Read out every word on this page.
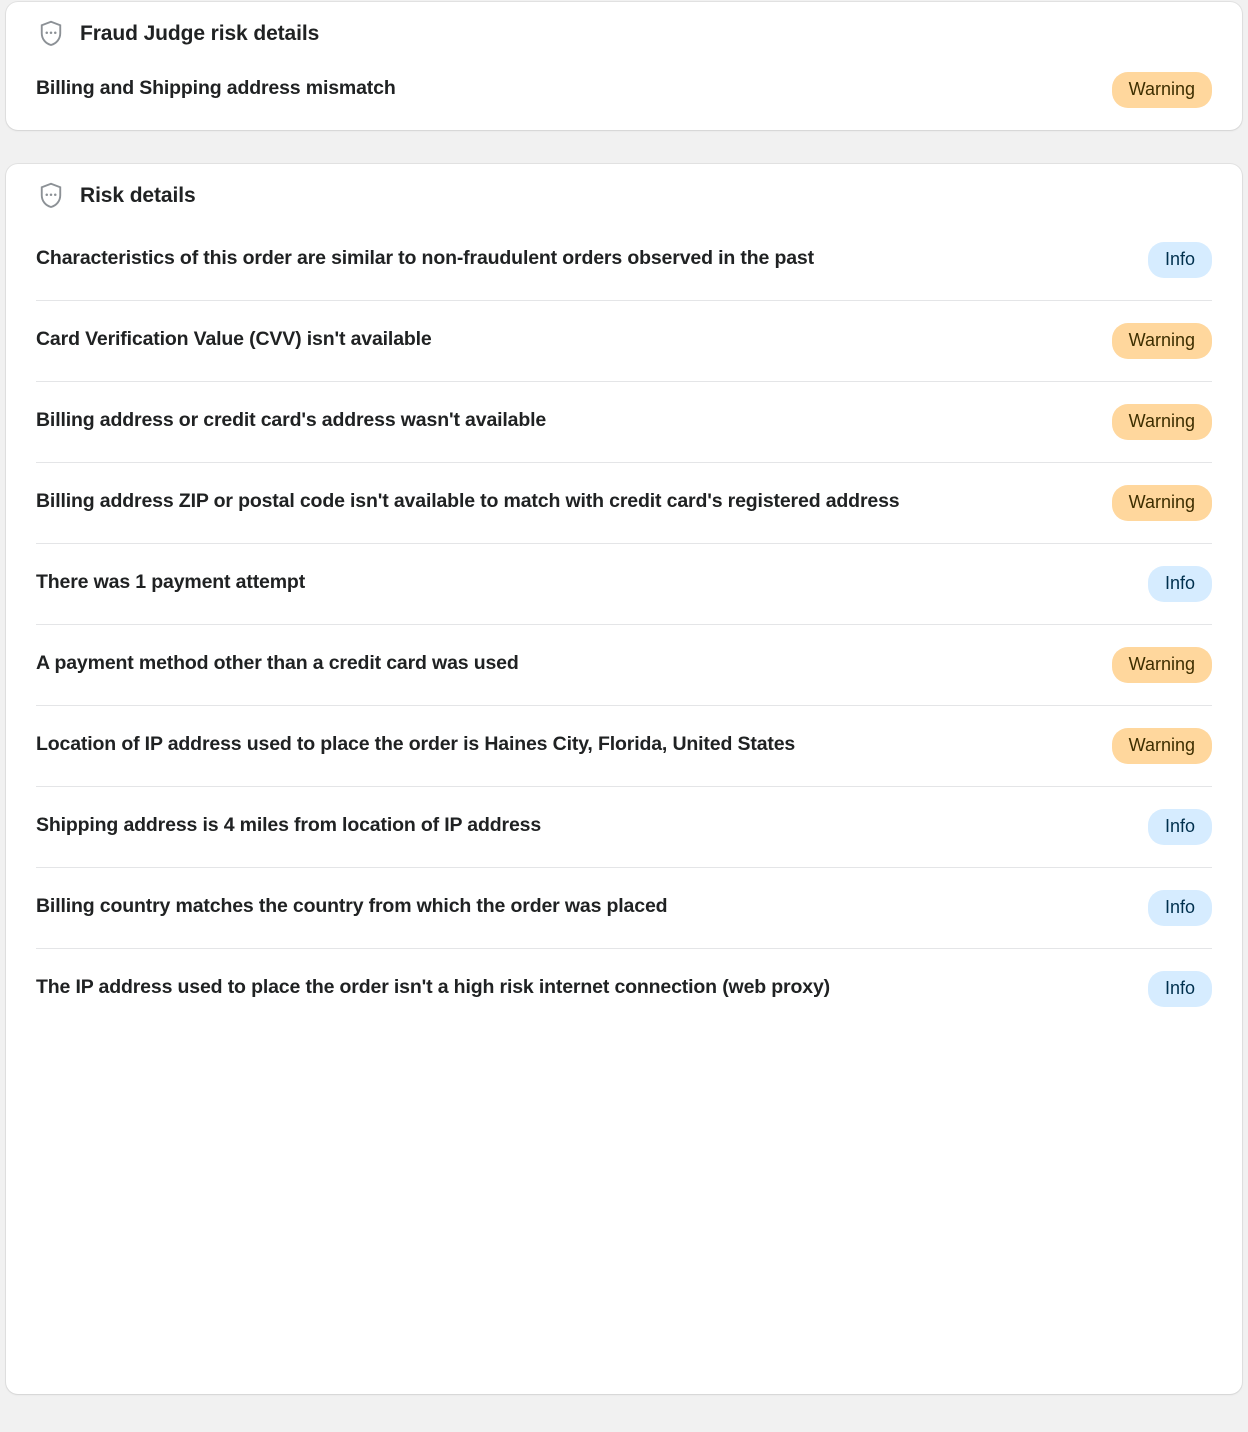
Fraud Judge risk details
Billing and Shipping address mismatch	Warning
Risk details
Characteristics of this order are similar to non-fraudulent orders observed in the past	Info
Card Verification Value (CVV) isn't available	Warning
Billing address or credit card's address wasn't available	Warning
Billing address ZIP or postal code isn't available to match with credit card's registered address	Warning
There was 1 payment attempt	Info
A payment method other than a credit card was used	Warning
Location of IP address used to place the order is Haines City, Florida, United States	Warning
Shipping address is 4 miles from location of IP address	Info
Billing country matches the country from which the order was placed	Info
The IP address used to place the order isn't a high risk internet connection (web proxy)	Info
